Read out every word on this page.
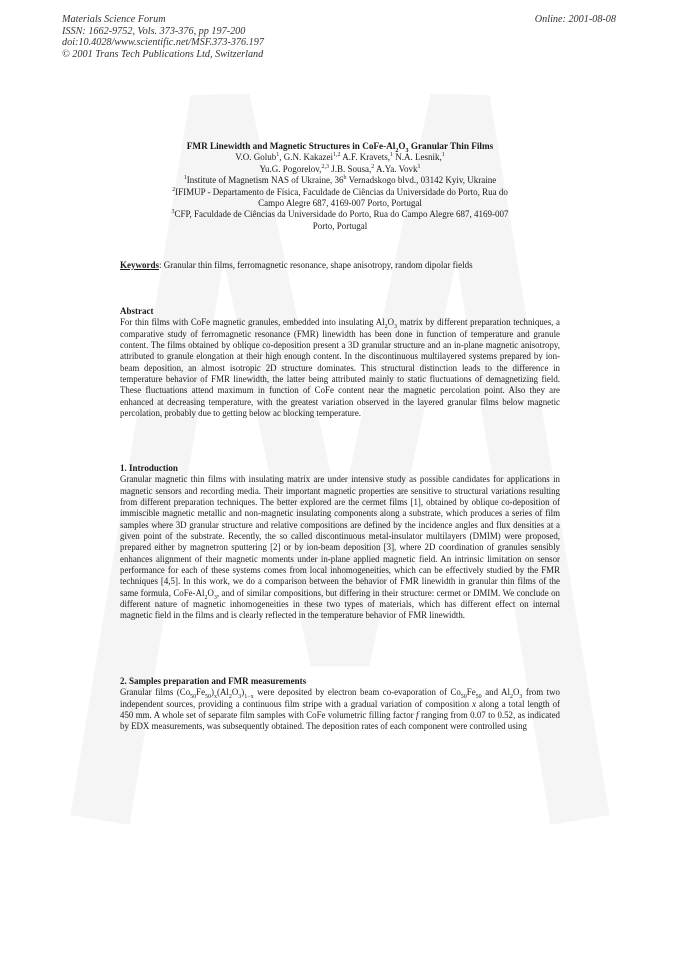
Materials Science Forum
ISSN: 1662-9752, Vols. 373-376, pp 197-200
doi:10.4028/www.scientific.net/MSF.373-376.197
© 2001 Trans Tech Publications Ltd, Switzerland
Online: 2001-08-08
FMR Linewidth and Magnetic Structures in CoFe-$Al_2O_3$ Granular Thin Films
V.O. Golub$^1$, G.N. Kakazei$^{1,2}$ A.F. Kravets,$^1$ N.A. Lesnik,$^1$
Yu.G. Pogorelov,$^{2,3}$ J.B. Sousa,$^2$ A.Ya. Vovk$^1$
$^1$Institute of Magnetism NAS of Ukraine, 36$^b$ Vernadskogo blvd., 03142 Kyiv, Ukraine
$^2$IFIMUP - Departamento de Física, Faculdade de Ciências da Universidade do Porto, Rua do
Campo Alegre 687, 4169-007 Porto, Portugal
$^3$CFP, Faculdade de Ciências da Universidade do Porto, Rua do Campo Alegre 687, 4169-007
Porto, Portugal
Keywords: Granular thin films, ferromagnetic resonance, shape anisotropy, random dipolar fields
Abstract
For thin films with CoFe magnetic granules, embedded into insulating $Al_2O_3$ matrix by different preparation techniques, a comparative study of ferromagnetic resonance (FMR) linewidth has been done in function of temperature and granule content. The films obtained by oblique co-deposition present a 3D granular structure and an in-plane magnetic anisotropy, attributed to granule elongation at their high enough content. In the discontinuous multilayered systems prepared by ion-beam deposition, an almost isotropic 2D structure dominates. This structural distinction leads to the difference in temperature behavior of FMR linewidth, the latter being attributed mainly to static fluctuations of demagnetizing field. These fluctuations attend maximum in function of CoFe content near the magnetic percolation point. Also they are enhanced at decreasing temperature, with the greatest variation observed in the layered granular films below magnetic percolation, probably due to getting below ac blocking temperature.
1. Introduction
Granular magnetic thin films with insulating matrix are under intensive study as possible candidates for applications in magnetic sensors and recording media. Their important magnetic properties are sensitive to structural variations resulting from different preparation techniques. The better explored are the cermet films [1], obtained by oblique co-deposition of immiscible magnetic metallic and non-magnetic insulating components along a substrate, which produces a series of film samples where 3D granular structure and relative compositions are defined by the incidence angles and flux densities at a given point of the substrate. Recently, the so called discontinuous metal-insulator multilayers (DMIM) were proposed, prepared either by magnetron sputtering [2] or by ion-beam deposition [3], where 2D coordination of granules sensibly enhances alignment of their magnetic moments under in-plane applied magnetic field. An intrinsic limitation on sensor performance for each of these systems comes from local inhomogeneities, which can be effectively studied by the FMR techniques [4,5]. In this work, we do a comparison between the behavior of FMR linewidth in granular thin films of the same formula, CoFe-$Al_2O_3$, and of similar compositions, but differing in their structure: cermet or DMIM. We conclude on different nature of magnetic inhomogeneities in these two types of materials, which has different effect on internal magnetic field in the films and is clearly reflected in the temperature behavior of FMR linewidth.
2. Samples preparation and FMR measurements
Granular films $(Co_{50}Fe_{50})_x(Al_2O_3)_{1-x}$ were deposited by electron beam co-evaporation of $Co_{50}Fe_{50}$ and $Al_2O_3$ from two independent sources, providing a continuous film stripe with a gradual variation of composition x along a total length of 450 mm. A whole set of separate film samples with CoFe volumetric filling factor f ranging from 0.07 to 0.52, as indicated by EDX measurements, was subsequently obtained. The deposition rates of each component were controlled using
